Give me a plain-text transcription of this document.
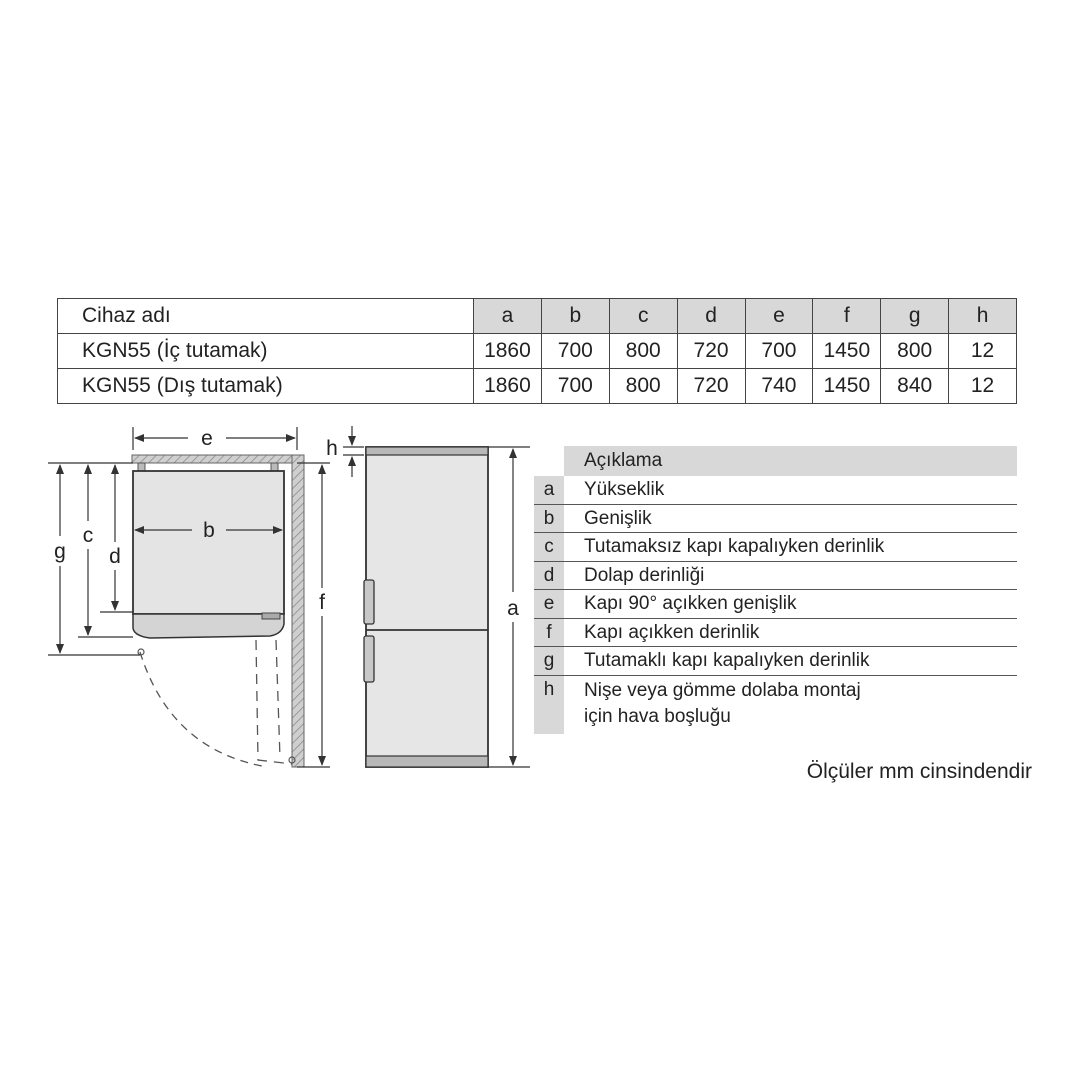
Cihaz adı	a	b	c	d	e	f	g	h
KGN55 (İç tutamak)	1860	700	800	720	700	1450	800	12
KGN55 (Dış tutamak)	1860	700	800	720	740	1450	840	12
e
b
g
c
d
f
h
a
Açıklama
a	Yükseklik
b	Genişlik
c	Tutamaksız kapı kapalıyken derinlik
d	Dolap derinliği
e	Kapı 90° açıkken genişlik
f	Kapı açıkken derinlik
g	Tutamaklı kapı kapalıyken derinlik
h	Nişe veya gömme dolaba montaj
için hava boşluğu
Ölçüler mm cinsindendir
